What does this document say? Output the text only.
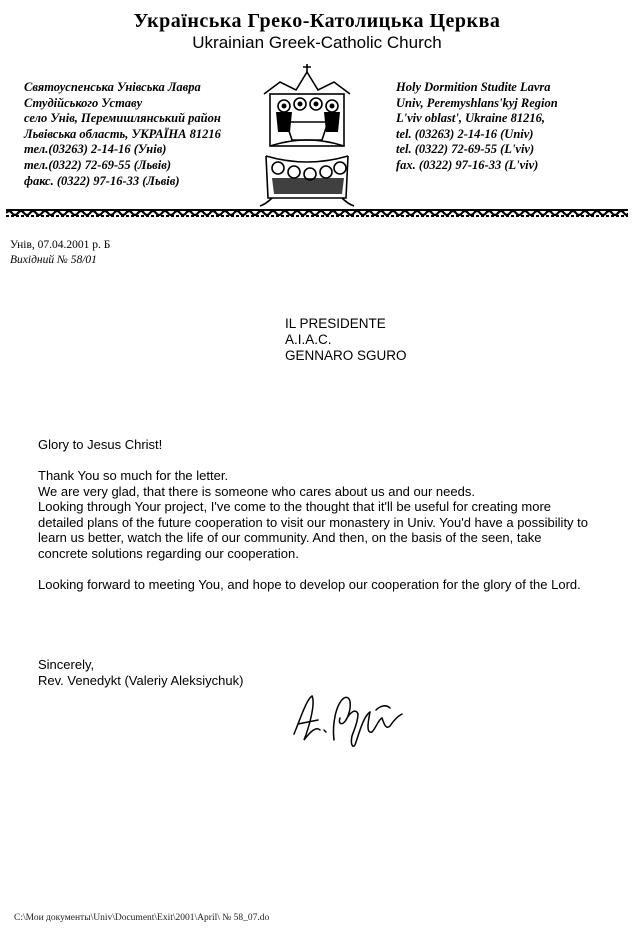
Українська Греко-Католицька Церква
Ukrainian Greek-Catholic Church
Святоуспенська Унівська Лавра
Студійського Уставу
село Унів, Перемишлянський район
Львівська область, УКРАЇНА 81216
тел.(03263) 2-14-16 (Унів)
тел.(0322) 72-69-55 (Львів)
факс. (0322) 97-16-33 (Львів)
Holy Dormition Studite Lavra
Univ, Peremyshlans'kyj Region
L'viv oblast', Ukraine 81216,
tel. (03263) 2-14-16 (Univ)
tel. (0322) 72-69-55 (L'viv)
fax. (0322) 97-16-33 (L'viv)
Унів, 07.04.2001 р. Б
Вихідний № 58/01
IL PRESIDENTE
A.I.A.C.
GENNARO SGURO

Glory to Jesus Christ!

Thank You so much for the letter.

We are very glad, that there is someone who cares about us and our needs.

Looking through Your project, I've come to the thought that it'll be useful for creating more detailed plans of the future cooperation to visit our monastery in Univ. You'd have a possibility to learn us better, watch the life of our community. And then, on the basis of the seen, take concrete solutions regarding our cooperation.

Looking forward to meeting You, and hope to develop our cooperation for the glory of the Lord.

Sincerely,
Rev. Venedykt (Valeriy Aleksiychuk)
C:\Мои документы\Univ\Document\Exit\2001\April\ № 58_07.do
